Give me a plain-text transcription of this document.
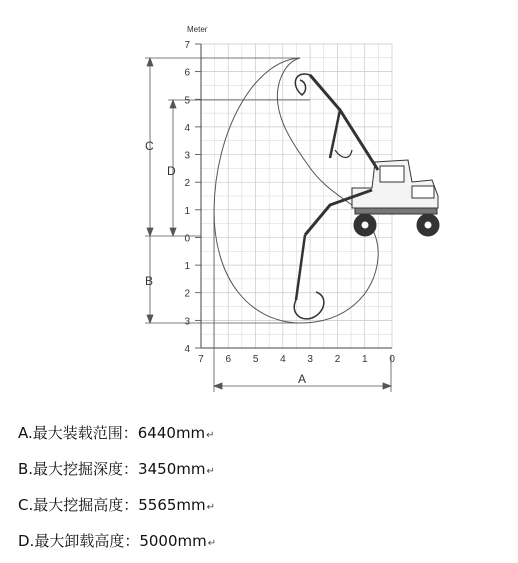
Meter
7
6
5
4
3
2
1
0
1
2
3
4
7 6 5 4 3 2 1 0
C
B
D
A
A.最大装载范围：6440mm↵
B.最大挖掘深度：3450mm↵
C.最大挖掘高度：5565mm↵
D.最大卸载高度：5000mm↵
